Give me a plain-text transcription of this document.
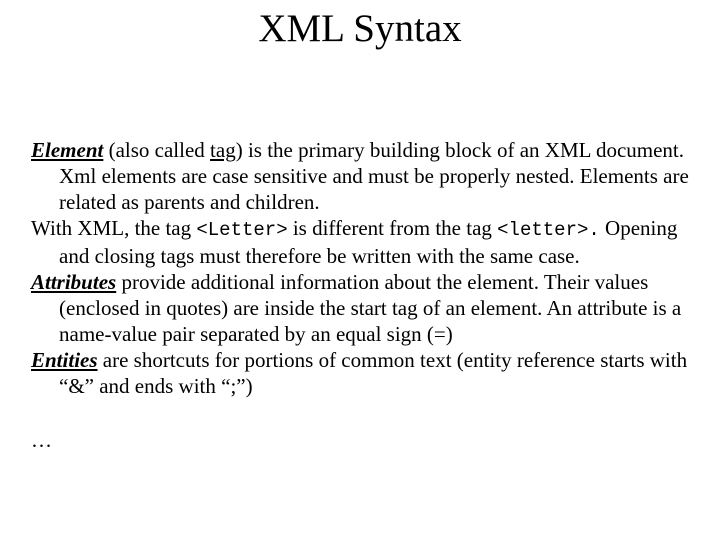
XML Syntax

Element (also called tag) is the primary building block of an XML document. Xml elements are case sensitive and must be properly nested. Elements are related as parents and children.

With XML, the tag <Letter> is different from the tag <letter>. Opening and closing tags must therefore be written with the same case.

Attributes provide additional information about the element. Their values (enclosed in quotes) are inside the start tag of an element. An attribute is a name-value pair separated by an equal sign (=)

Entities are shortcuts for portions of common text (entity reference starts with “&” and ends with “;”)

…
